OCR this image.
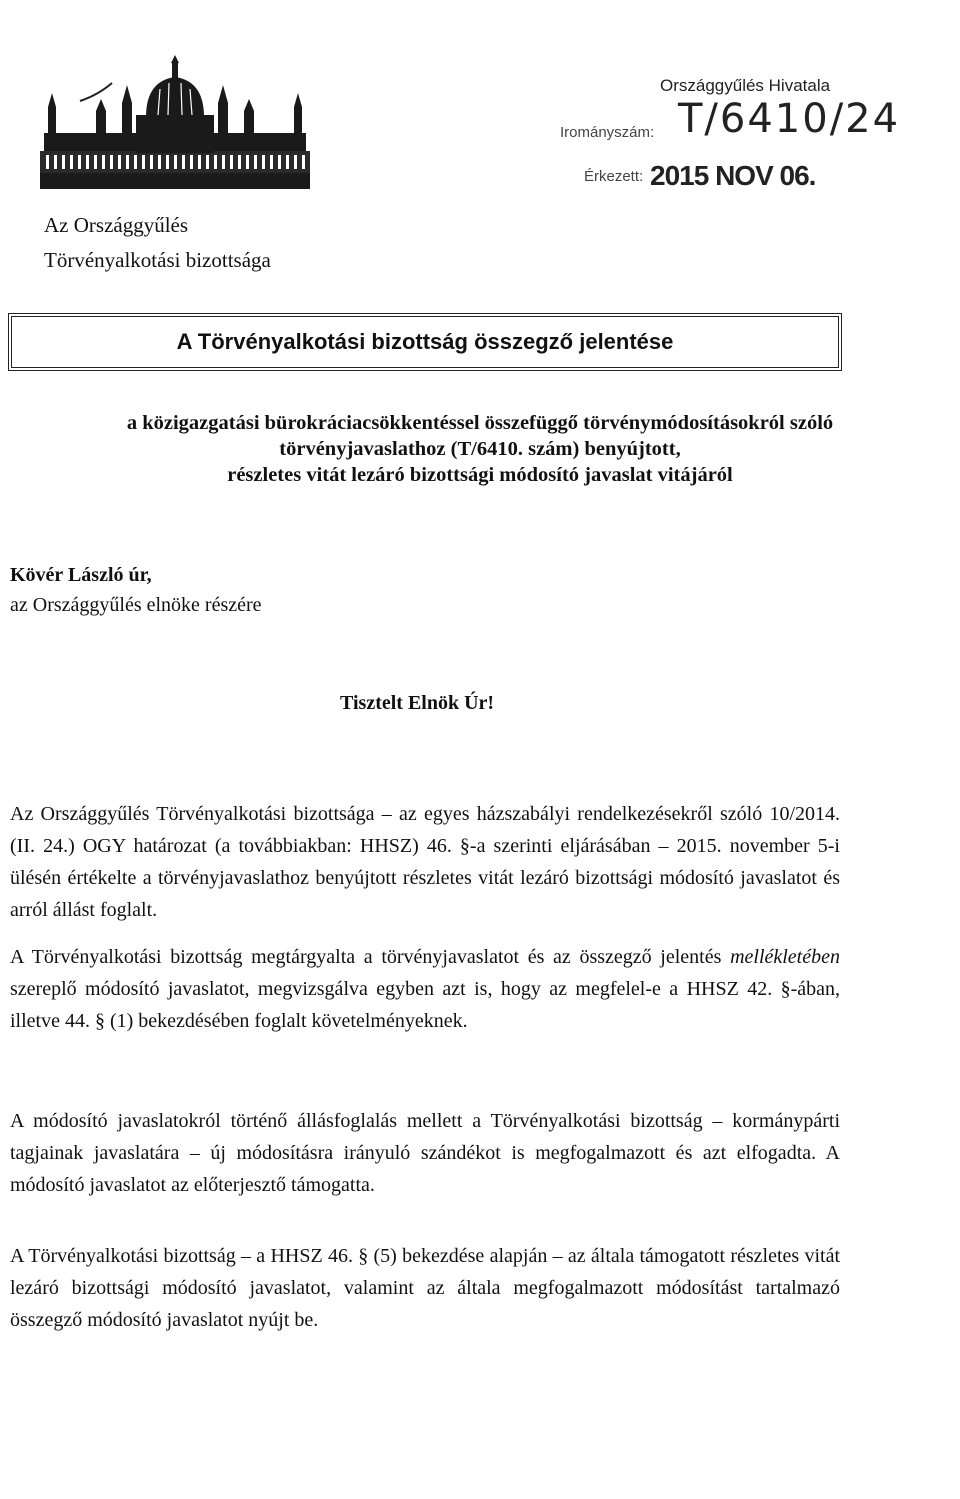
Az Országgyűlés
Törvényalkotási bizottsága
Országgyűlés Hivatala
Irományszám: T/6410/24
Érkezett: 2015 NOV 06.
A Törvényalkotási bizottság összegző jelentése
a közigazgatási bürokráciacsökkentéssel összefüggő törvénymódosításokról szóló
törvényjavaslathoz (T/6410. szám) benyújtott,
részletes vitát lezáró bizottsági módosító javaslat vitájáról
Kövér László úr,
az Országgyűlés elnöke részére
Tisztelt Elnök Úr!

Az Országgyűlés Törvényalkotási bizottsága – az egyes házszabályi rendelkezésekről szóló 10/2014. (II. 24.) OGY határozat (a továbbiakban: HHSZ) 46. §-a szerinti eljárásában – 2015. november 5-i ülésén értékelte a törvényjavaslathoz benyújtott részletes vitát lezáró bizottsági módosító javaslatot és arról állást foglalt.

A Törvényalkotási bizottság megtárgyalta a törvényjavaslatot és az összegző jelentés mellékletében szereplő módosító javaslatot, megvizsgálva egyben azt is, hogy az megfelel-e a HHSZ 42. §-ában, illetve 44. § (1) bekezdésében foglalt követelményeknek.

A módosító javaslatokról történő állásfoglalás mellett a Törvényalkotási bizottság – kormánypárti tagjainak javaslatára – új módosításra irányuló szándékot is megfogalmazott és azt elfogadta. A módosító javaslatot az előterjesztő támogatta.

A Törvényalkotási bizottság – a HHSZ 46. § (5) bekezdése alapján – az általa támogatott részletes vitát lezáró bizottsági módosító javaslatot, valamint az általa megfogalmazott módosítást tartalmazó összegző módosító javaslatot nyújt be.
